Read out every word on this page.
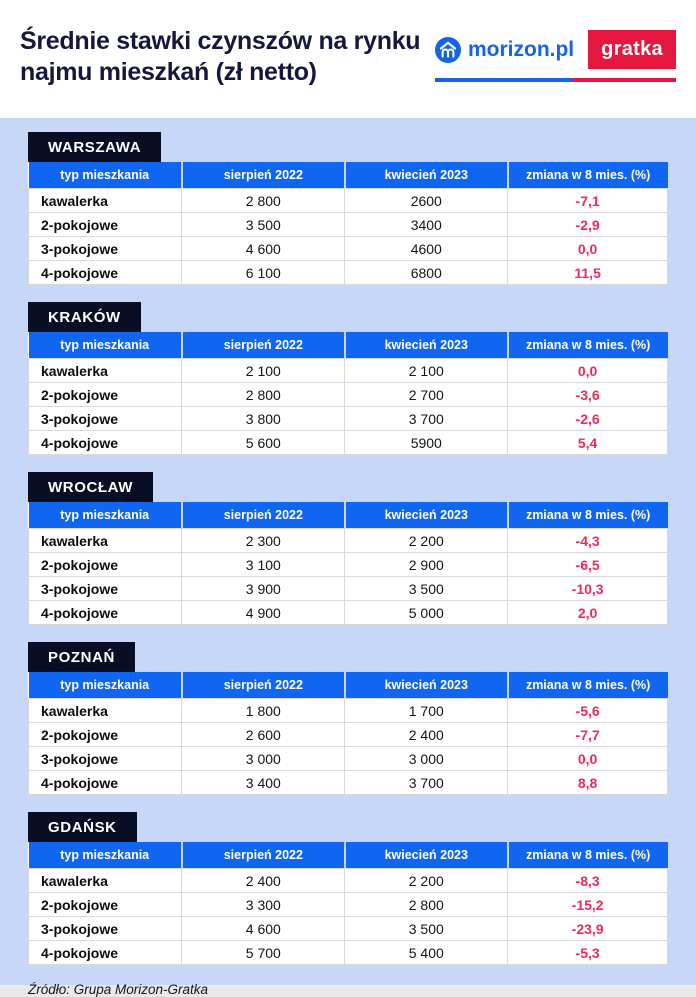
Średnie stawki czynszów na rynku
najmu mieszkań (zł netto)
morizon.pl	gratka
WARSZAWA
typ mieszkania	sierpień 2022	kwiecień 2023	zmiana w 8 mies. (%)
kawalerka	2 800	2600	-7,1
2-pokojowe	3 500	3400	-2,9
3-pokojowe	4 600	4600	0,0
4-pokojowe	6 100	6800	11,5
KRAKÓW
typ mieszkania	sierpień 2022	kwiecień 2023	zmiana w 8 mies. (%)
kawalerka	2 100	2 100	0,0
2-pokojowe	2 800	2 700	-3,6
3-pokojowe	3 800	3 700	-2,6
4-pokojowe	5 600	5900	5,4
WROCŁAW
typ mieszkania	sierpień 2022	kwiecień 2023	zmiana w 8 mies. (%)
kawalerka	2 300	2 200	-4,3
2-pokojowe	3 100	2 900	-6,5
3-pokojowe	3 900	3 500	-10,3
4-pokojowe	4 900	5 000	2,0
POZNAŃ
typ mieszkania	sierpień 2022	kwiecień 2023	zmiana w 8 mies. (%)
kawalerka	1 800	1 700	-5,6
2-pokojowe	2 600	2 400	-7,7
3-pokojowe	3 000	3 000	0,0
4-pokojowe	3 400	3 700	8,8
GDAŃSK
typ mieszkania	sierpień 2022	kwiecień 2023	zmiana w 8 mies. (%)
kawalerka	2 400	2 200	-8,3
2-pokojowe	3 300	2 800	-15,2
3-pokojowe	4 600	3 500	-23,9
4-pokojowe	5 700	5 400	-5,3
Źródło: Grupa Morizon-Gratka
